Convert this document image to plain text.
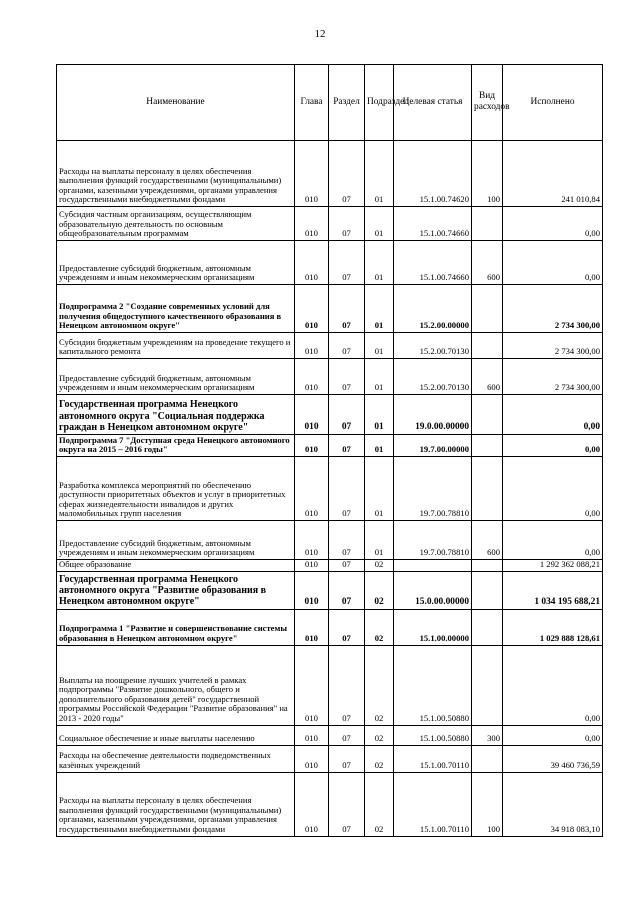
12
Наименование	Глава	Раздел	Подраздел	Целевая статья	Вид расходов	Исполнено
Расходы на выплаты персоналу в целях обеспечения выполнения функций государственными (муниципальными) органами, казенными учреждениями, органами управления государственными внебюджетными фондами	010	07	01	15.1.00.74620	100	241 010,84
Субсидия частным организациям, осуществляющим образовательную деятельность по основным общеобразовательным программам	010	07	01	15.1.00.74660		0,00
Предоставление субсидий бюджетным, автономным учреждениям и иным некоммерческим организациям	010	07	01	15.1.00.74660	600	0,00
Подпрограмма 2 "Создание современных условий для получения общедоступного качественного образования в Ненецком автономном округе"	010	07	01	15.2.00.00000		2 734 300,00
Субсидии бюджетным учреждениям на проведение текущего и капитального ремонта	010	07	01	15.2.00.70130		2 734 300,00
Предоставление субсидий бюджетным, автономным учреждениям и иным некоммерческим организациям	010	07	01	15.2.00.70130	600	2 734 300,00
Государственная программа Ненецкого автономного округа "Социальная поддержка граждан в Ненецком автономном округе"	010	07	01	19.0.00.00000		0,00
Подпрограмма 7 "Доступная среда Ненецкого автономного округа на 2015 – 2016 годы"	010	07	01	19.7.00.00000		0,00
Разработка комплекса мероприятий по обеспечению доступности приоритетных объектов и услуг в приоритетных сферах жизнедеятельности инвалидов и других маломобильных групп населения	010	07	01	19.7.00.78810		0,00
Предоставление субсидий бюджетным, автономным учреждениям и иным некоммерческим организациям	010	07	01	19.7.00.78810	600	0,00
Общее образование	010	07	02			1 292 362 088,21
Государственная программа Ненецкого автономного округа "Развитие образования в Ненецком автономном округе"	010	07	02	15.0.00.00000		1 034 195 688,21
Подпрограмма 1 "Развитие и совершенствование системы образования в Ненецком автономном округе"	010	07	02	15.1.00.00000		1 029 888 128,61
Выплаты на поощрение лучших учителей в рамках подпрограммы "Развитие дошкольного, общего и дополнительного образования детей" государственной программы Российской Федерации "Развитие образования" на 2013 - 2020 годы"	010	07	02	15.1.00.50880		0,00
Социальное обеспечение и иные выплаты населению	010	07	02	15.1.00.50880	300	0,00
Расходы на обеспечение деятельности подведомственных казённых учреждений	010	07	02	15.1.00.70110		39 460 736,59
Расходы на выплаты персоналу в целях обеспечения выполнения функций государственными (муниципальными) органами, казенными учреждениями, органами управления государственными внебюджетными фондами	010	07	02	15.1.00.70110	100	34 918 083,10
